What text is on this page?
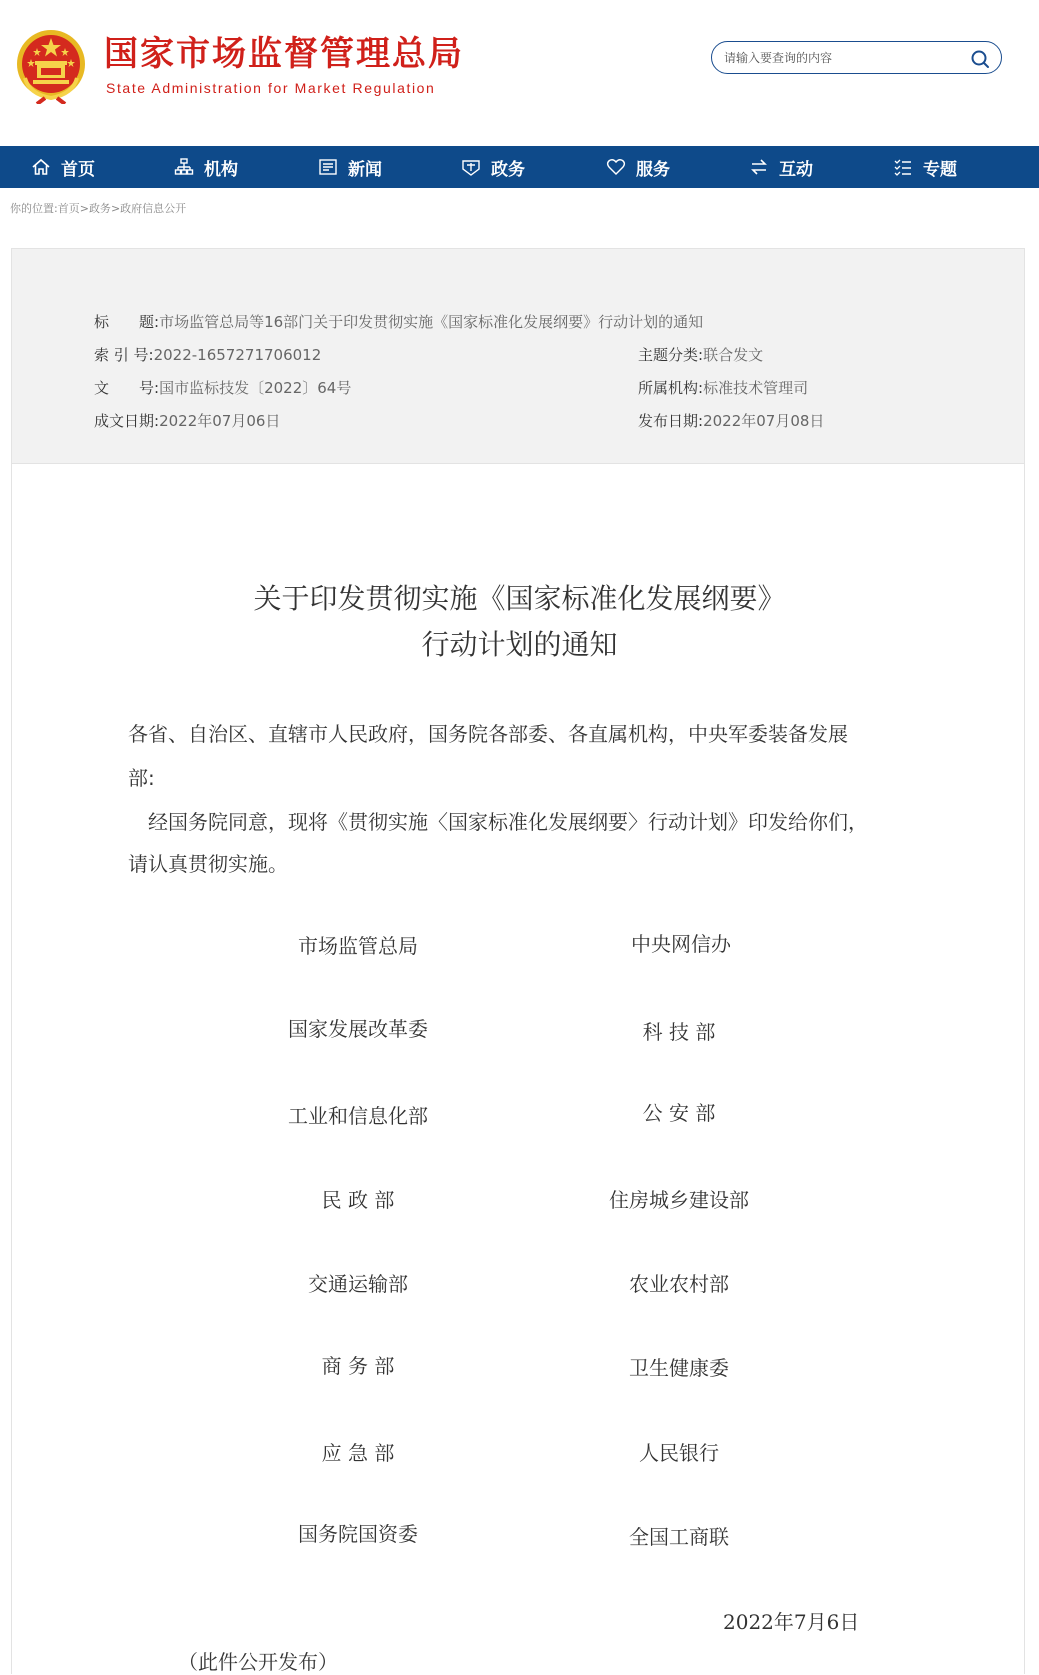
国家市场监督管理总局
State Administration for Market Regulation
请输入要查询的内容
首页	机构	新闻	政务	服务	互动	专题
你的位置:首页>政务>政府信息公开
标　　题:市场监管总局等16部门关于印发贯彻实施《国家标准化发展纲要》行动计划的通知
索 引 号:2022-1657271706012	主题分类:联合发文
文　　号:国市监标技发〔2022〕64号	所属机构:标准技术管理司
成文日期:2022年07月06日	发布日期:2022年07月08日
关于印发贯彻实施《国家标准化发展纲要》
行动计划的通知
各省、自治区、直辖市人民政府，国务院各部委、各直属机构，中央军委装备发展
部:
　经国务院同意，现将《贯彻实施〈国家标准化发展纲要〉行动计划》印发给你们，
请认真贯彻实施。
市场监管总局	中央网信办
国家发展改革委	科 技 部
工业和信息化部	公 安 部
民 政 部	住房城乡建设部
交通运输部	农业农村部
商 务 部	卫生健康委
应 急 部	人民银行
国务院国资委	全国工商联
2022年7月6日
（此件公开发布）
